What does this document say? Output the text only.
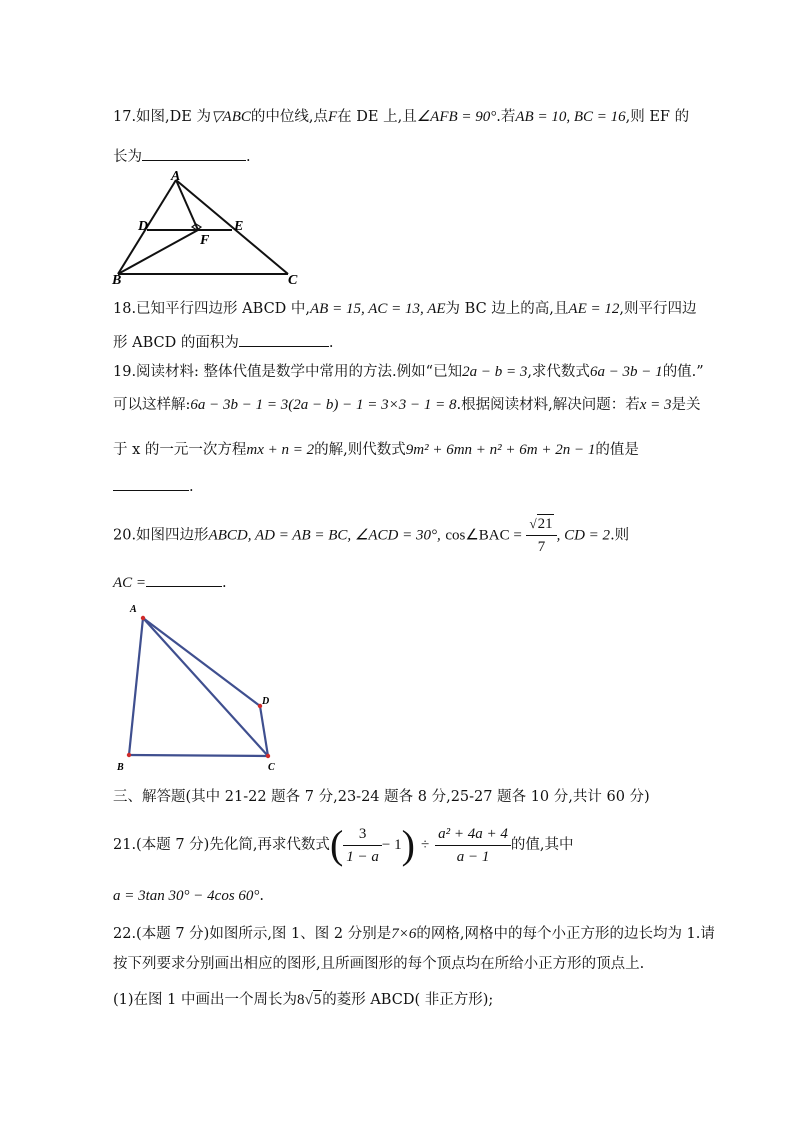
17.如图,DE 为▽ABC的中位线,点F在 DE 上,且∠AFB = 90°.若AB = 10, BC = 16,则 EF 的
长为	.
A
D	E
F
B	C
18.已知平行四边形 ABCD 中,AB = 15, AC = 13, AE为 BC 边上的高,且AE = 12,则平行四边
形 ABCD 的面积为	.
19.阅读材料: 整体代值是数学中常用的方法.例如“已知2a − b = 3,求代数式6a − 3b − 1的值.”
可以这样解:6a − 3b − 1 = 3(2a − b) − 1 = 3×3 − 1 = 8.根据阅读材料,解决问题：若x = 3是关
于 x 的一元一次方程mx + n = 2的解,则代数式9m² + 6mn + n² + 6m + 2n − 1的值是
.
20.如图四边形ABCD, AD = AB = BC, ∠ACD = 30°, cos∠BAC = $\frac{√21}{7}$ , CD = 2.则
AC =	.
A
B	C
D
三、解答题(其中 21-22 题各 7 分,23-24 题各 8 分,25-27 题各 10 分,共计 60 分)
21.(本题 7 分)先化简,再求代数式( $\frac{3}{1 - a} - 1) \div \frac{\text{a² + 4a + 4}}{a - 1}$ 的值,其中
a = 3tan 30° − 4cos 60°.
22.(本题 7 分)如图所示,图 1、图 2 分别是7×6的网格,网格中的每个小正方形的边长均为 1.请
按下列要求分别画出相应的图形,且所画图形的每个顶点均在所给小正方形的顶点上.
(1)在图 1 中画出一个周长为8√5的菱形 ABCD( 非正方形);
